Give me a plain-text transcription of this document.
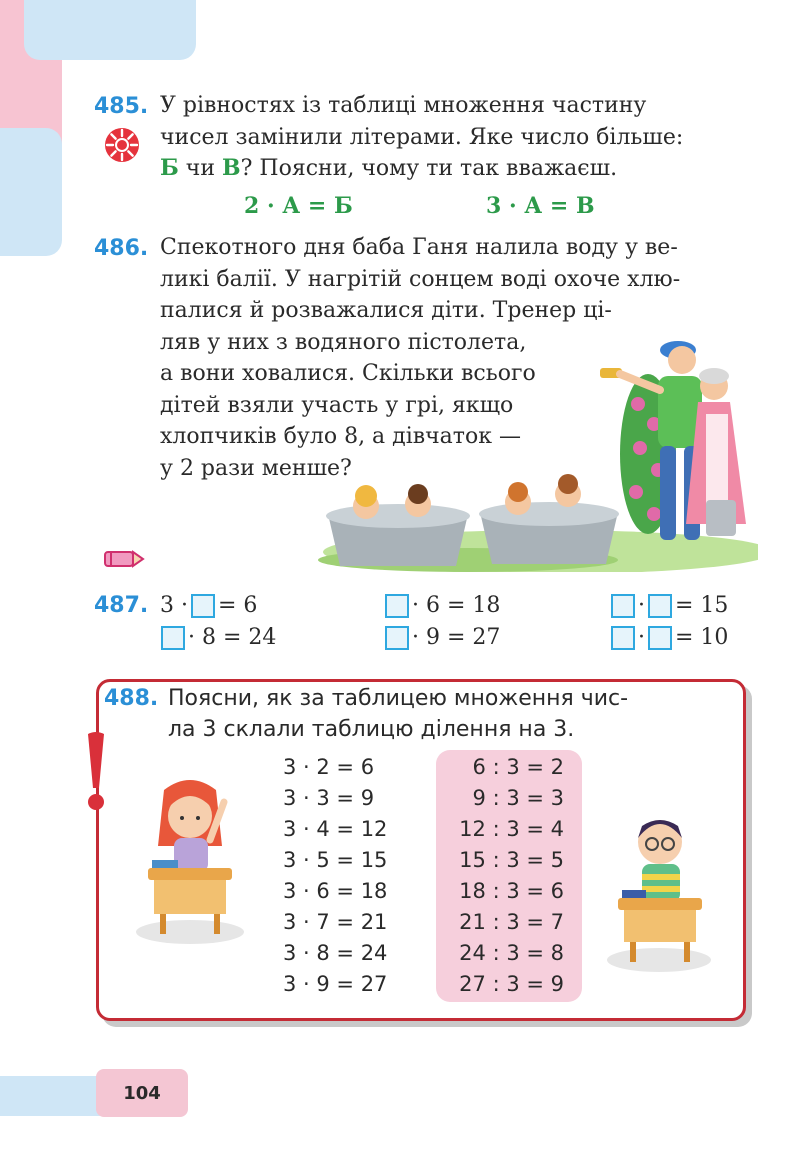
485. У рівностях із таблиці множення частину
чисел замінили літерами. Яке число більше:
Б чи В? Поясни, чому ти так вважаєш.
2 · А = Б	3 · А = В
486. Спекотного дня баба Ганя налила воду у ве-
ликі балії. У нагрітій сонцем воді охоче хлю-
палися й розважалися діти. Тренер ці-
ляв у них з водяного пістолета,
а вони ховалися. Скільки всього
дітей взяли участь у грі, якщо
хлопчиків було 8, а дівчаток —
у 2 рази менше?
487. 3 · = 6	· 6 = 18	· = 15
· 8 = 24	· 9 = 27	· = 10
488. Поясни, як за таблицею множення чис-
ла 3 склали таблицю ділення на 3.
3 · 2 = 6
3 · 3 = 9
3 · 4 = 12
3 · 5 = 15
3 · 6 = 18
3 · 7 = 21
3 · 8 = 24
3 · 9 = 27
6 : 3 = 2
9 : 3 = 3
12 : 3 = 4
15 : 3 = 5
18 : 3 = 6
21 : 3 = 7
24 : 3 = 8
27 : 3 = 9
104
